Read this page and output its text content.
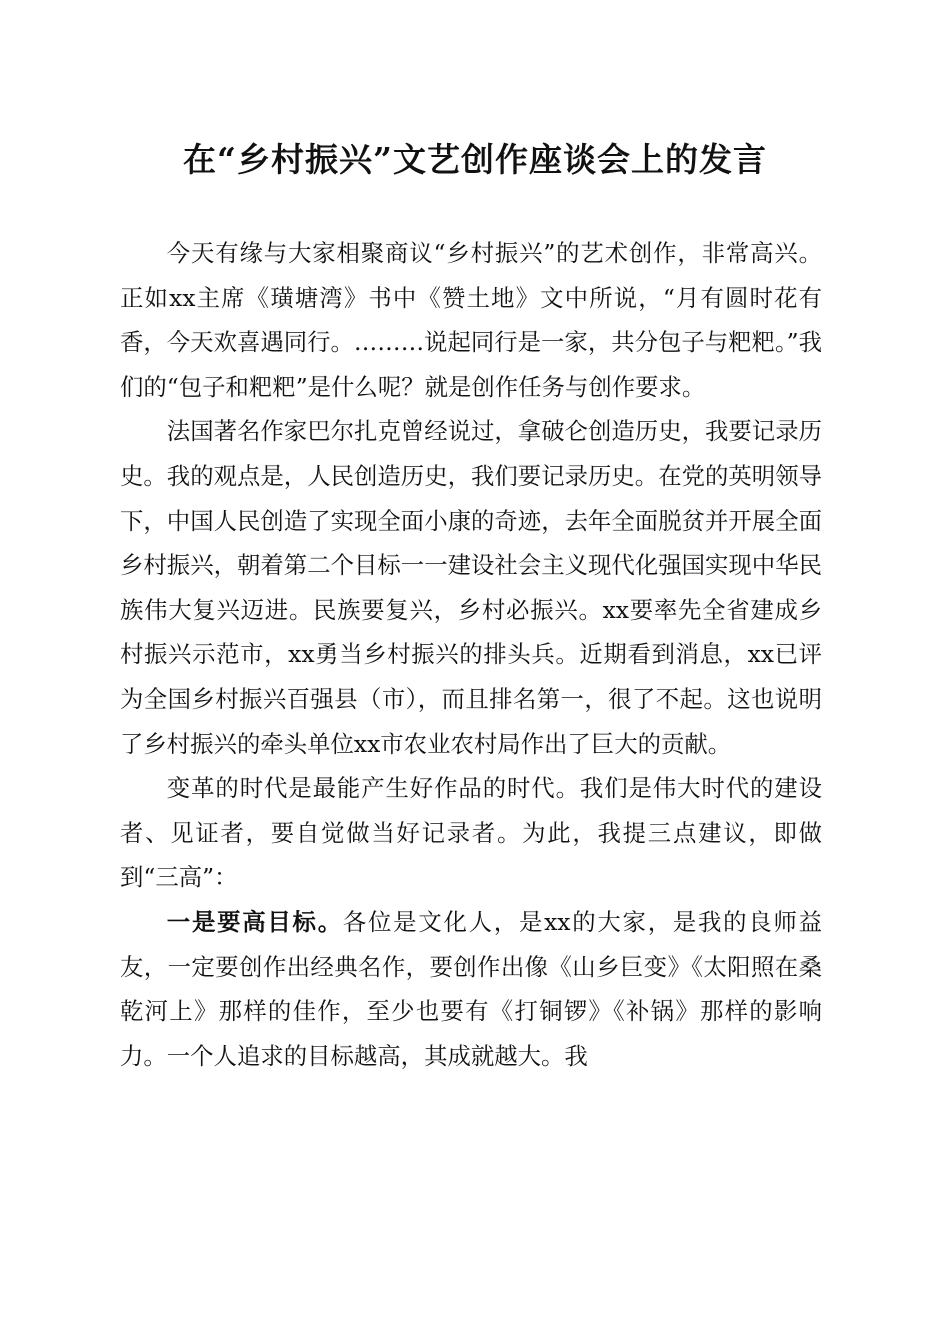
在“乡村振兴”文艺创作座谈会上的发言

今天有缘与大家相聚商议“乡村振兴”的艺术创作，非常高兴。正如xx主席《璜塘湾》书中《赞土地》文中所说，“月有圆时花有香，今天欢喜遇同行。………说起同行是一家，共分包子与粑粑。”我们的“包子和粑粑”是什么呢？就是创作任务与创作要求。

法国著名作家巴尔扎克曾经说过，拿破仑创造历史，我要记录历史。我的观点是，人民创造历史，我们要记录历史。在党的英明领导下，中国人民创造了实现全面小康的奇迹，去年全面脱贫并开展全面乡村振兴，朝着第二个目标一一建设社会主义现代化强国实现中华民族伟大复兴迈进。民族要复兴，乡村必振兴。xx要率先全省建成乡村振兴示范市，xx勇当乡村振兴的排头兵。近期看到消息，xx已评为全国乡村振兴百强县（市），而且排名第一，很了不起。这也说明了乡村振兴的牵头单位xx市农业农村局作出了巨大的贡献。

变革的时代是最能产生好作品的时代。我们是伟大时代的建设者、见证者，要自觉做当好记录者。为此，我提三点建议，即做到“三高”：

一是要高目标。各位是文化人，是xx的大家，是我的良师益友，一定要创作出经典名作，要创作出像《山乡巨变》《太阳照在桑乾河上》那样的佳作，至少也要有《打铜锣》《补锅》那样的影响力。一个人追求的目标越高，其成就越大。我
